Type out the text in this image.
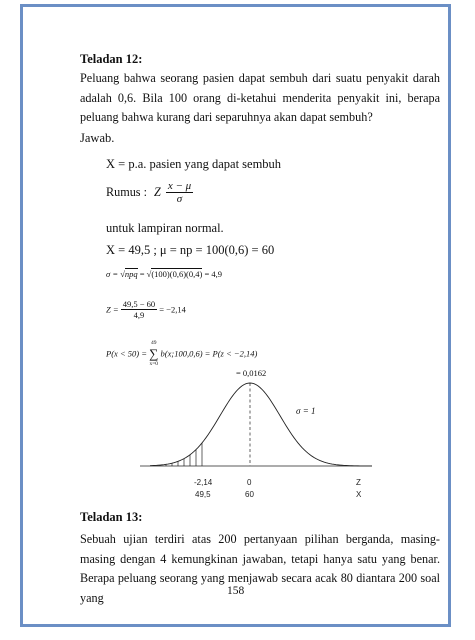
Teladan 12:
Peluang bahwa seorang pasien dapat sembuh dari suatu penyakit darah adalah 0,6. Bila 100 orang di-ketahui menderita penyakit ini, berapa peluang bahwa kurang dari separuhnya akan dapat sembuh?
Jawab.
X = p.a. pasien yang dapat sembuh
Rumus : Z $\frac{x - \mu}{\sigma}$
untuk lampiran normal.
X = 49,5 ; μ = np = 100(0,6) = 60
σ = √npq = √(100)(0,6)(0,4) = 4,9
$Z = \frac{49,5 - 60}{4,9} = -2,14$
P(x < 50) =
49
∑
x=0
b(x;100,0,6) = P(z < −2,14)
= 0,0162
σ = 1
-2,14	0	Z
49,5	60	X
Teladan 13:
Sebuah ujian terdiri atas 200 pertanyaan pilihan berganda, masing-masing dengan 4 kemungkinan jawaban, tetapi hanya satu yang benar. Berapa peluang seorang yang menjawab secara acak 80 diantara 200 soal yang	158
